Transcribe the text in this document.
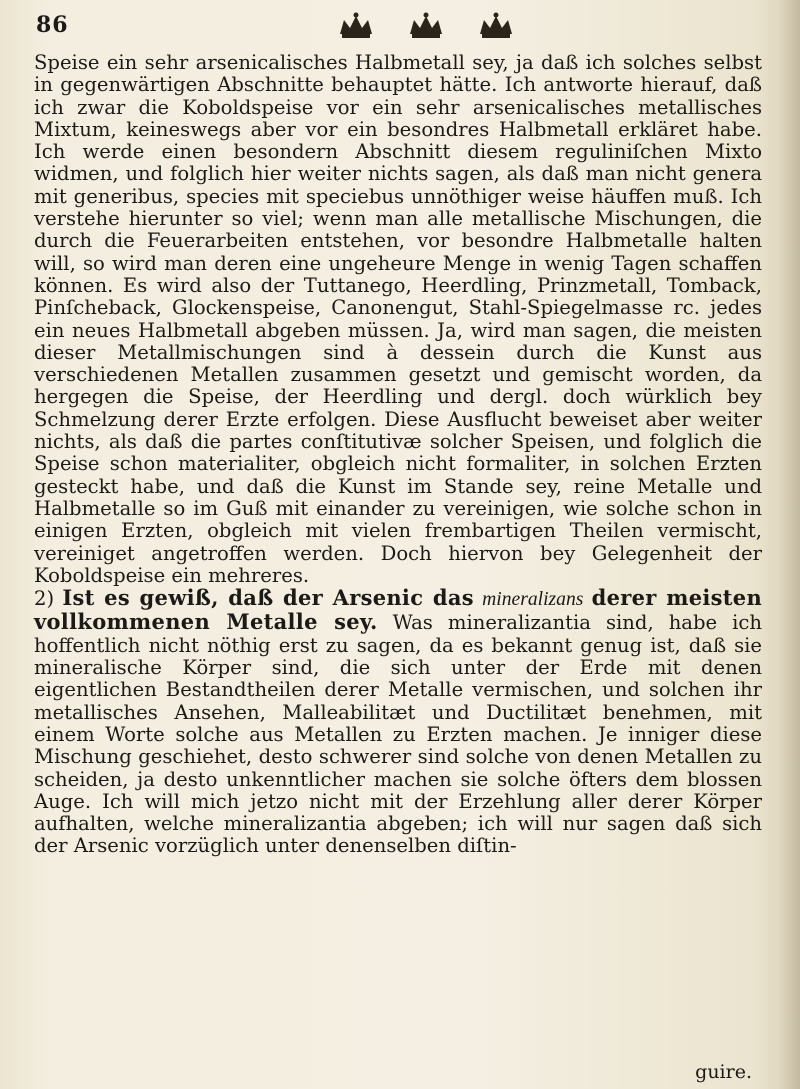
86

Speise ein sehr arsenicalisches Halbmetall sey, ja daß ich solches selbst in gegenwärtigen Abschnitte behauptet hätte. Ich antworte hierauf, daß ich zwar die Koboldspeise vor ein sehr arsenicalisches metallisches Mixtum, keineswegs aber vor ein besondres Halbmetall erkläret habe. Ich werde einen besondern Abschnitt diesem reguliniſchen Mixto widmen, und folglich hier weiter nichts sagen, als daß man nicht genera mit generibus, species mit speciebus unnöthiger weise häuffen muß. Ich verstehe hierunter so viel; wenn man alle metallische Mischungen, die durch die Feuerarbeiten entstehen, vor besondre Halbmetalle halten will, so wird man deren eine ungeheure Menge in wenig Tagen schaffen können. Es wird also der Tuttanego, Heerdling, Prinzmetall, Tomback, Pinſcheback, Glockenspeise, Canonengut, Stahl-Spiegelmasse rc. jedes ein neues Halbmetall abgeben müssen. Ja, wird man sagen, die meisten dieser Metallmischungen sind à dessein durch die Kunst aus verschiedenen Metallen zusammen gesetzt und gemischt worden, da hergegen die Speise, der Heerdling und dergl. doch würklich bey Schmelzung derer Erzte erfolgen. Diese Ausflucht beweiset aber weiter nichts, als daß die partes conſtitutivæ solcher Speisen, und folglich die Speise schon materialiter, obgleich nicht formaliter, in solchen Erzten gesteckt habe, und daß die Kunst im Stande sey, reine Metalle und Halbmetalle so im Guß mit einander zu vereinigen, wie solche schon in einigen Erzten, obgleich mit vielen frembartigen Theilen vermischt, vereiniget angetroffen werden. Doch hiervon bey Gelegenheit der Koboldspeise ein mehreres.

2) Ist es gewiß, daß der Arsenic das mineralizans derer meisten vollkommenen Metalle sey. Was mineralizantia sind, habe ich hoffentlich nicht nöthig erst zu sagen, da es bekannt genug ist, daß sie mineralische Körper sind, die sich unter der Erde mit denen eigentlichen Bestandtheilen derer Metalle vermischen, und solchen ihr metallisches Ansehen, Malleabilitæt und Ductilitæt benehmen, mit einem Worte solche aus Metallen zu Erzten machen. Je inniger diese Mischung geschiehet, desto schwerer sind solche von denen Metallen zu scheiden, ja desto unkenntlicher machen sie solche öfters dem blossen Auge. Ich will mich jetzo nicht mit der Erzehlung aller derer Körper aufhalten, welche mineralizantia abgeben; ich will nur sagen daß sich der Arsenic vorzüglich unter denenselben diſtin-

guire.
